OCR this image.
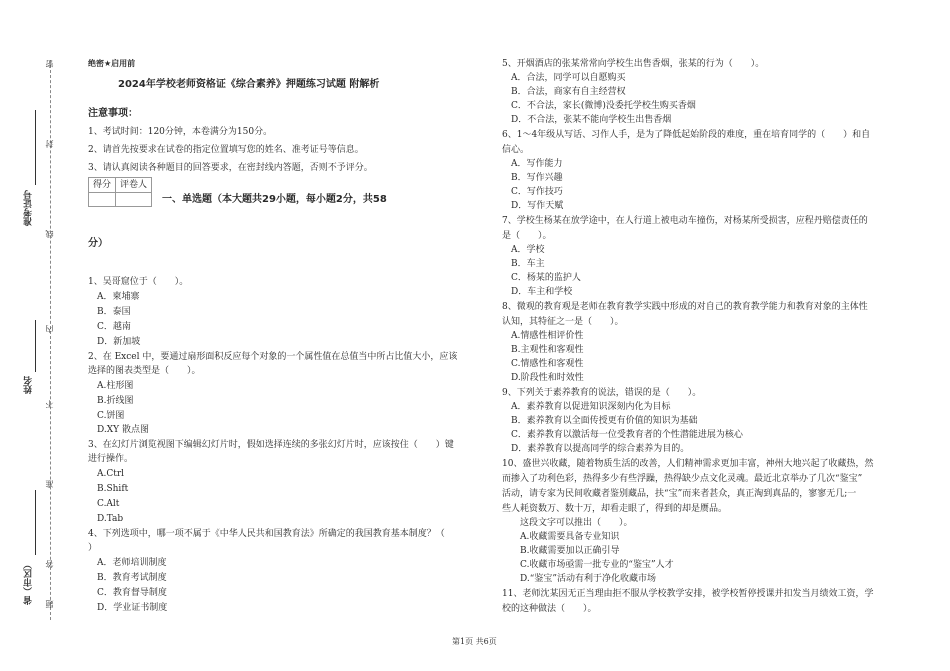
密
封
线
内
不
准
答
题
准考证号
姓名
省（市区）
绝密★启用前
2024年学校老师资格证《综合素养》押题练习试题 附解析
注意事项：
1、考试时间：120分钟，本卷满分为150分。
2、请首先按要求在试卷的指定位置填写您的姓名、准考证号等信息。
3、请认真阅读各种题目的回答要求，在密封线内答题，否则不予评分。
得分 评卷人
一、单选题（本大题共29小题，每小题2分，共58
分）
1、吴哥窟位于（　　）。
　A．柬埔寨
　B．泰国
　C．越南
　D．新加坡
2、在 Excel 中，要通过扇形面积反应每个对象的一个属性值在总值当中所占比值大小，应该
选择的图表类型是（　　）。
　A.柱形图
　B.折线图
　C.饼图
　D.XY 散点图
3、在幻灯片浏览视图下编辑幻灯片时，假如选择连续的多张幻灯片时，应该按住（　　）键
进行操作。
　A.Ctrl
　B.Shift
　C.Alt
　D.Tab
4、下列选项中，哪一项不属于《中华人民共和国教育法》所确定的我国教育基本制度？（
）
　A．老师培训制度
　B．教育考试制度
　C．教育督导制度
　D．学业证书制度
5、开烟酒店的张某常常向学校生出售香烟，张某的行为（　　）。
　A．合法，同学可以自愿购买
　B．合法，商家有自主经营权
　C．不合法，家长(微博)没委托学校生购买香烟
　D．不合法，张某不能向学校生出售香烟
6、1～4年级从写话、习作人手，是为了降低起始阶段的难度，重在培育同学的（　　）和自
信心。
　A．写作能力
　B．写作兴趣
　C．写作技巧
　D．写作天赋
7、学校生杨某在放学途中，在人行道上被电动车撞伤，对杨某所受损害，应程丹赔偿责任的
是（　　）。
　A．学校
　B．车主
　C．杨某的监护人
　D．车主和学校
8、微观的教育观是老师在教育教学实践中形成的对自己的教育教学能力和教育对象的主体性
认知，其特征之一是（　　）。
　A.情感性相评价性
　B.主观性和客观性
　C.情感性和客观性
　D.阶段性和时效性
9、下列关于素养教育的说法，错误的是（　　）。
　A．素养教育以促进知识深刻内化为目标
　B．素养教育以全面传授更有价值的知识为基础
　C．素养教育以激活每一位受教育者的个性潜能进展为核心
　D．素养教育以提高同学的综合素养为目的。
10、盛世兴收藏，随着物质生活的改善，人们精神需求更加丰富，神州大地兴起了收藏热，然
而掺入了功利色彩，热得多少有些浮躁，热得缺少点文化灵魂。最近北京举办了几次“鉴宝”
活动，请专家为民间收藏者鉴别藏品，扶“宝”而来者甚众，真正淘到真品的，寥寥无几;一
些人耗资数万、数十万，却看走眼了，得到的却是赝品。
　　这段文字可以推出（　　）。
　　A.收藏需要具备专业知识
　　B.收藏需要加以正确引导
　　C.收藏市场亟需一批专业的“鉴宝”人才
　　D.“鉴宝”活动有利于净化收藏市场
11、老师沈某因无正当理由拒不服从学校教学安排，被学校暂停授课并扣发当月绩效工资，学
校的这种做法（　　）。
第1页 共6页
